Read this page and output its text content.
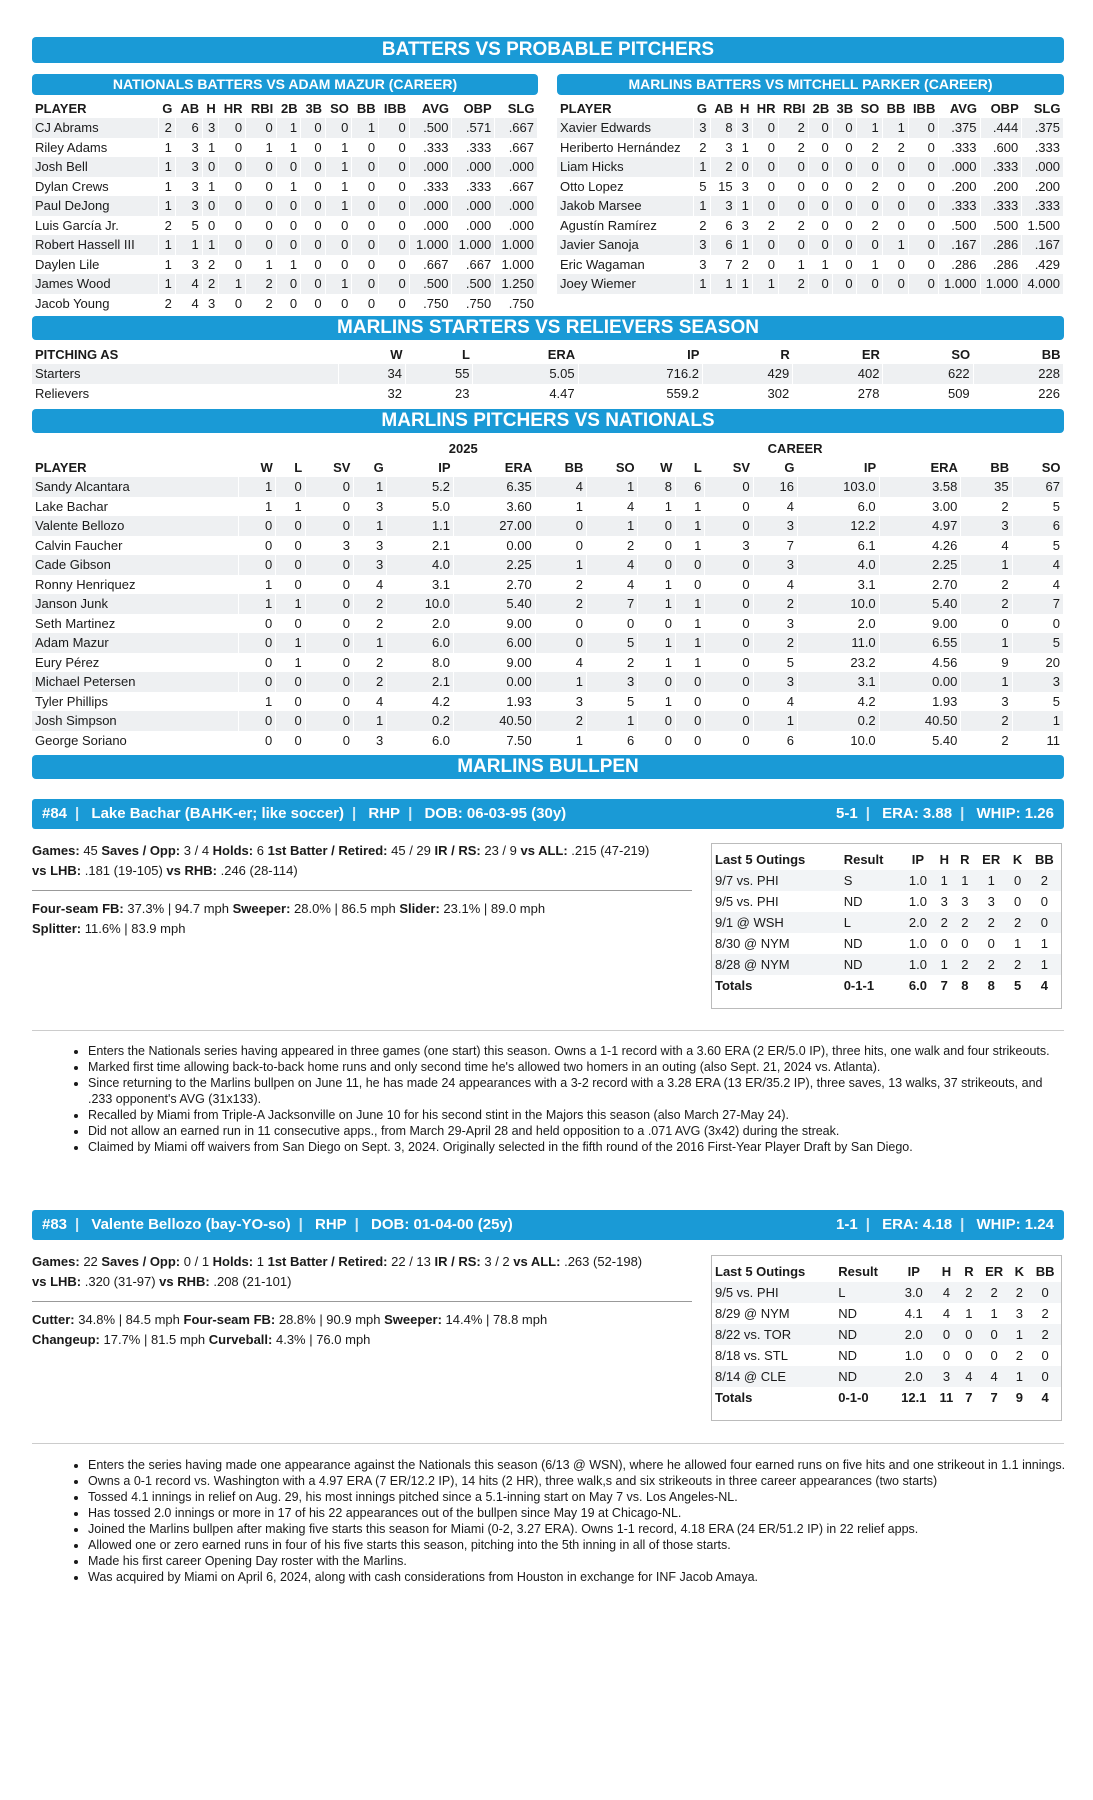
BATTERS VS PROBABLE PITCHERS
NATIONALS BATTERS VS ADAM MAZUR (CAREER)
PLAYER	G	AB	H	HR	RBI	2B	3B	SO	BB	IBB	AVG	OBP	SLG
CJ Abrams	2	6	3	0	0	1	0	0	1	0	.500	.571	.667
Riley Adams	1	3	1	0	1	1	0	1	0	0	.333	.333	.667
Josh Bell	1	3	0	0	0	0	0	1	0	0	.000	.000	.000
Dylan Crews	1	3	1	0	0	1	0	1	0	0	.333	.333	.667
Paul DeJong	1	3	0	0	0	0	0	1	0	0	.000	.000	.000
Luis García Jr.	2	5	0	0	0	0	0	0	0	0	.000	.000	.000
Robert Hassell III	1	1	1	0	0	0	0	0	0	0	1.000	1.000	1.000
Daylen Lile	1	3	2	0	1	1	0	0	0	0	.667	.667	1.000
James Wood	1	4	2	1	2	0	0	1	0	0	.500	.500	1.250
Jacob Young	2	4	3	0	2	0	0	0	0	0	.750	.750	.750
MARLINS BATTERS VS MITCHELL PARKER (CAREER)
PLAYER	G	AB	H	HR	RBI	2B	3B	SO	BB	IBB	AVG	OBP	SLG
Xavier Edwards	3	8	3	0	2	0	0	1	1	0	.375	.444	.375
Heriberto Hernández	2	3	1	0	2	0	0	2	2	0	.333	.600	.333
Liam Hicks	1	2	0	0	0	0	0	0	0	0	.000	.333	.000
Otto Lopez	5	15	3	0	0	0	0	2	0	0	.200	.200	.200
Jakob Marsee	1	3	1	0	0	0	0	0	0	0	.333	.333	.333
Agustín Ramírez	2	6	3	2	2	0	0	2	0	0	.500	.500	1.500
Javier Sanoja	3	6	1	0	0	0	0	0	1	0	.167	.286	.167
Eric Wagaman	3	7	2	0	1	1	0	1	0	0	.286	.286	.429
Joey Wiemer	1	1	1	1	2	0	0	0	0	0	1.000	1.000	4.000
MARLINS STARTERS VS RELIEVERS SEASON
PITCHING AS	W	L	ERA	IP	R	ER	SO	BB
Starters	34	55	5.05	716.2	429	402	622	228
Relievers	32	23	4.47	559.2	302	278	509	226
MARLINS PITCHERS VS NATIONALS
2025									CAREER							
PLAYER	W	L	SV	G	IP	ERA	BB	SO	W	L	SV	G	IP	ERA	BB	SO
Sandy Alcantara	1	0	0	1	5.2	6.35	4	1	8	6	0	16	103.0	3.58	35	67
Lake Bachar	1	1	0	3	5.0	3.60	1	4	1	1	0	4	6.0	3.00	2	5
Valente Bellozo	0	0	0	1	1.1	27.00	0	1	0	1	0	3	12.2	4.97	3	6
Calvin Faucher	0	0	3	3	2.1	0.00	0	2	0	1	3	7	6.1	4.26	4	5
Cade Gibson	0	0	0	3	4.0	2.25	1	4	0	0	0	3	4.0	2.25	1	4
Ronny Henriquez	1	0	0	4	3.1	2.70	2	4	1	0	0	4	3.1	2.70	2	4
Janson Junk	1	1	0	2	10.0	5.40	2	7	1	1	0	2	10.0	5.40	2	7
Seth Martinez	0	0	0	2	2.0	9.00	0	0	0	1	0	3	2.0	9.00	0	0
Adam Mazur	0	1	0	1	6.0	6.00	0	5	1	1	0	2	11.0	6.55	1	5
Eury Pérez	0	1	0	2	8.0	9.00	4	2	1	1	0	5	23.2	4.56	9	20
Michael Petersen	0	0	0	2	2.1	0.00	1	3	0	0	0	3	3.1	0.00	1	3
Tyler Phillips	1	0	0	4	4.2	1.93	3	5	1	0	0	4	4.2	1.93	3	5
Josh Simpson	0	0	0	1	0.2	40.50	2	1	0	0	0	1	0.2	40.50	2	1
George Soriano	0	0	0	3	6.0	7.50	1	6	0	0	0	6	10.0	5.40	2	11
MARLINS BULLPEN
#84 | Lake Bachar (BAHK-er; like soccer) | RHP | DOB: 06-03-95 (30y)	5-1 | ERA: 3.88 | WHIP: 1.26
Games: 45 Saves / Opp: 3 / 4 Holds: 6 1st Batter / Retired: 45 / 29 IR / RS: 23 / 9 vs ALL: .215 (47-219)
vs LHB: .181 (19-105) vs RHB: .246 (28-114)
Four-seam FB: 37.3% | 94.7 mph Sweeper: 28.0% | 86.5 mph Slider: 23.1% | 89.0 mph
Splitter: 11.6% | 83.9 mph
Last 5 Outings	Result	IP	H	R	ER	K	BB
9/7 vs. PHI	S	1.0	1	1	1	0	2
9/5 vs. PHI	ND	1.0	3	3	3	0	0
9/1 @ WSH	L	2.0	2	2	2	2	0
8/30 @ NYM	ND	1.0	0	0	0	1	1
8/28 @ NYM	ND	1.0	1	2	2	2	1
Totals	0-1-1	6.0	7	8	8	5	4
• Enters the Nationals series having appeared in three games (one start) this season. Owns a 1-1 record with a 3.60 ERA (2 ER/5.0 IP), three hits, one walk and four strikeouts.
• Marked first time allowing back-to-back home runs and only second time he's allowed two homers in an outing (also Sept. 21, 2024 vs. Atlanta).
• Since returning to the Marlins bullpen on June 11, he has made 24 appearances with a 3-2 record with a 3.28 ERA (13 ER/35.2 IP), three saves, 13 walks, 37 strikeouts, and .233 opponent's AVG (31x133).
• Recalled by Miami from Triple-A Jacksonville on June 10 for his second stint in the Majors this season (also March 27-May 24).
• Did not allow an earned run in 11 consecutive apps., from March 29-April 28 and held opposition to a .071 AVG (3x42) during the streak.
• Claimed by Miami off waivers from San Diego on Sept. 3, 2024. Originally selected in the fifth round of the 2016 First-Year Player Draft by San Diego.
#83 | Valente Bellozo (bay-YO-so) | RHP | DOB: 01-04-00 (25y)	1-1 | ERA: 4.18 | WHIP: 1.24
Games: 22 Saves / Opp: 0 / 1 Holds: 1 1st Batter / Retired: 22 / 13 IR / RS: 3 / 2 vs ALL: .263 (52-198)
vs LHB: .320 (31-97) vs RHB: .208 (21-101)
Cutter: 34.8% | 84.5 mph Four-seam FB: 28.8% | 90.9 mph Sweeper: 14.4% | 78.8 mph
Changeup: 17.7% | 81.5 mph Curveball: 4.3% | 76.0 mph
Last 5 Outings	Result	IP	H	R	ER	K	BB
9/5 vs. PHI	L	3.0	4	2	2	2	0
8/29 @ NYM	ND	4.1	4	1	1	3	2
8/22 vs. TOR	ND	2.0	0	0	0	1	2
8/18 vs. STL	ND	1.0	0	0	0	2	0
8/14 @ CLE	ND	2.0	3	4	4	1	0
Totals	0-1-0	12.1	11	7	7	9	4
• Enters the series having made one appearance against the Nationals this season (6/13 @ WSN), where he allowed four earned runs on five hits and one strikeout in 1.1 innings.
• Owns a 0-1 record vs. Washington with a 4.97 ERA (7 ER/12.2 IP), 14 hits (2 HR), three walk,s and six strikeouts in three career appearances (two starts)
• Tossed 4.1 innings in relief on Aug. 29, his most innings pitched since a 5.1-inning start on May 7 vs. Los Angeles-NL.
• Has tossed 2.0 innings or more in 17 of his 22 appearances out of the bullpen since May 19 at Chicago-NL.
• Joined the Marlins bullpen after making five starts this season for Miami (0-2, 3.27 ERA). Owns 1-1 record, 4.18 ERA (24 ER/51.2 IP) in 22 relief apps.
• Allowed one or zero earned runs in four of his five starts this season, pitching into the 5th inning in all of those starts.
• Made his first career Opening Day roster with the Marlins.
• Was acquired by Miami on April 6, 2024, along with cash considerations from Houston in exchange for INF Jacob Amaya.
